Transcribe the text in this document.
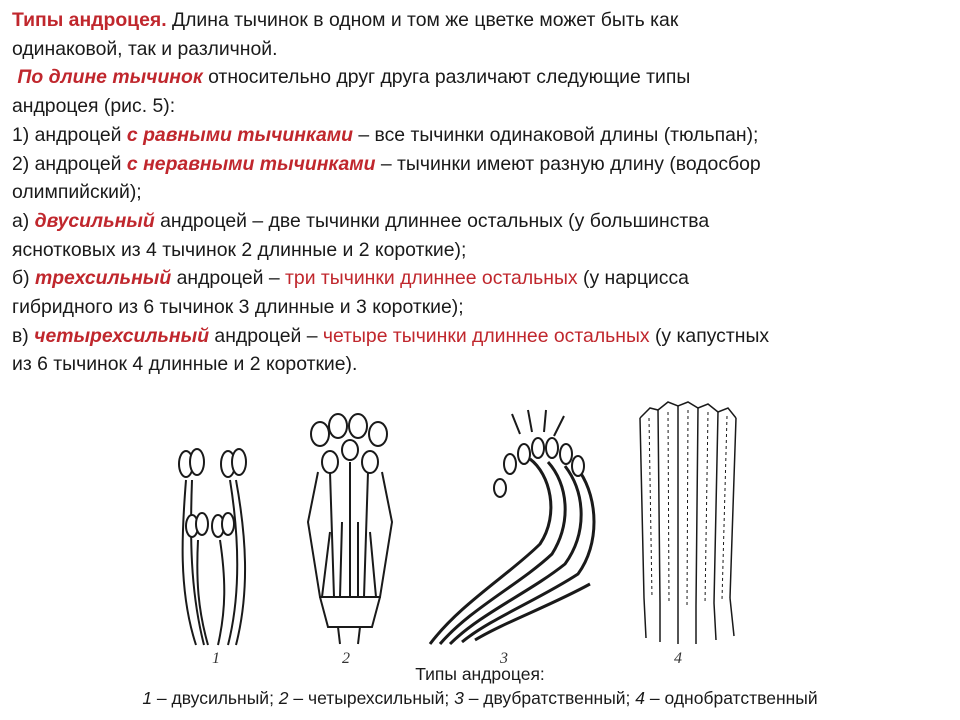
Типы андроцея. Длина тычинок в одном и том же цветке может быть как
одинаковой, так и различной.
По длине тычинок относительно друг друга различают следующие типы
андроцея (рис. 5):
1) андроцей с равными тычинками – все тычинки одинаковой длины (тюльпан);
2) андроцей с неравными тычинками – тычинки имеют разную длину (водосбор
олимпийский);
а) двусильный андроцей – две тычинки длиннее остальных (у большинства
яснотковых из 4 тычинок 2 длинные и 2 короткие);
б) трехсильный андроцей – три тычинки длиннее остальных (у нарцисса
гибридного из 6 тычинок 3 длинные и 3 короткие);
в) четырехсильный андроцей – четыре тычинки длиннее остальных (у капустных
из 6 тычинок 4 длинные и 2 короткие).
1	2	3	4
Типы андроцея:
1 – двусильный; 2 – четырехсильный; 3 – двубратственный; 4 – однобратственный
